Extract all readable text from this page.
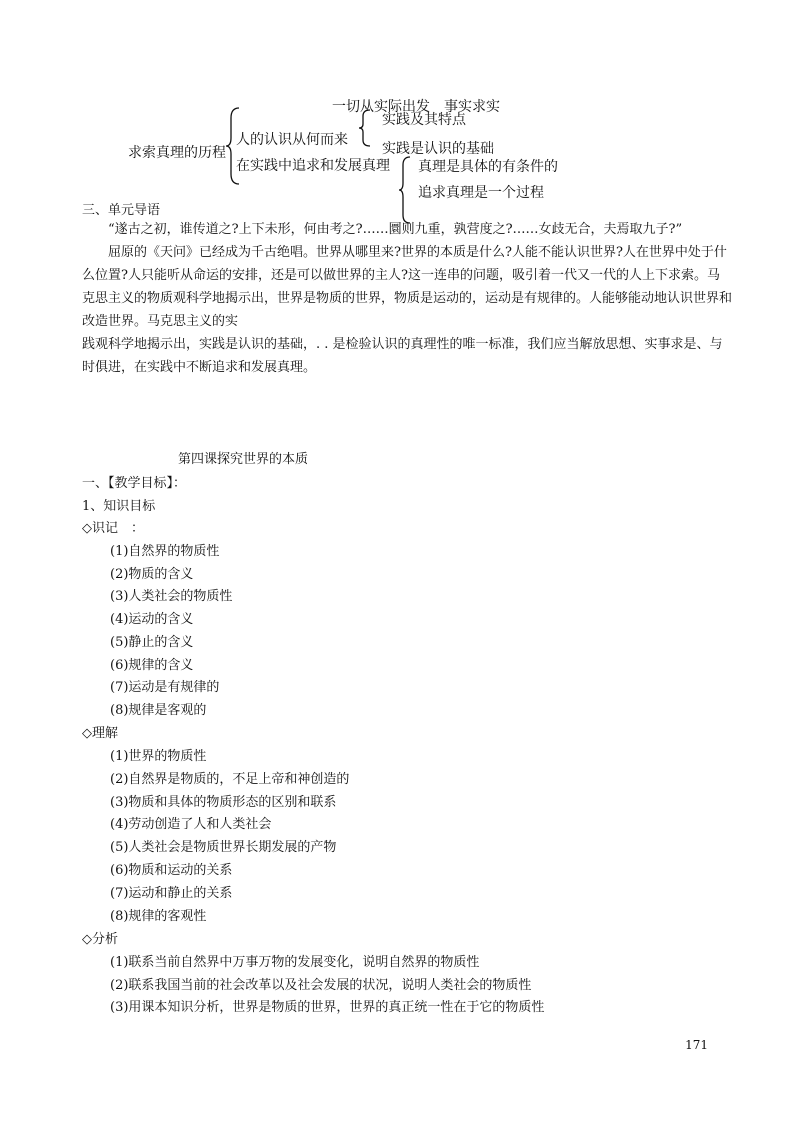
求索真理的历程
人的认识从何而来
在实践中追求和发展真理
一切从实际出发　事实求实
实践及其特点
实践是认识的基础
真理是具体的有条件的
追求真理是一个过程
三、单元导语

“遂古之初，谁传道之?上下未形，何由考之?……圜则九重，孰营度之?……女歧无合，夫焉取九子?”

屈原的《天问》已经成为千古绝唱。世界从哪里来?世界的本质是什么?人能不能认识世界?人在世界中处于什么位置?人只能听从命运的安排，还是可以做世界的主人?这一连串的问题，吸引着一代又一代的人上下求索。马克思主义的物质观科学地揭示出，世界是物质的世界，物质是运动的，运动是有规律的。人能够能动地认识世界和改造世界。马克思主义的实

践观科学地揭示出，实践是认识的基础，. . 是检验认识的真理性的唯一标准，我们应当解放思想、实事求是、与时俱进，在实践中不断追求和发展真理。

第四课探究世界的本质
一、【教学目标】：
1、知识目标
◇识记　：
(1)自然界的物质性
(2)物质的含义
(3)人类社会的物质性
(4)运动的含义
(5)静止的含义
(6)规律的含义
(7)运动是有规律的
(8)规律是客观的
◇理解
(1)世界的物质性
(2)自然界是物质的，不足上帝和神创造的
(3)物质和具体的物质形态的区别和联系
(4)劳动创造了人和人类社会
(5)人类社会是物质世界长期发展的产物
(6)物质和运动的关系
(7)运动和静止的关系
(8)规律的客观性
◇分析
(1)联系当前自然界中万事万物的发展变化，说明自然界的物质性
(2)联系我国当前的社会改革以及社会发展的状况，说明人类社会的物质性
(3)用课本知识分析，世界是物质的世界，世界的真正统一性在于它的物质性
171
